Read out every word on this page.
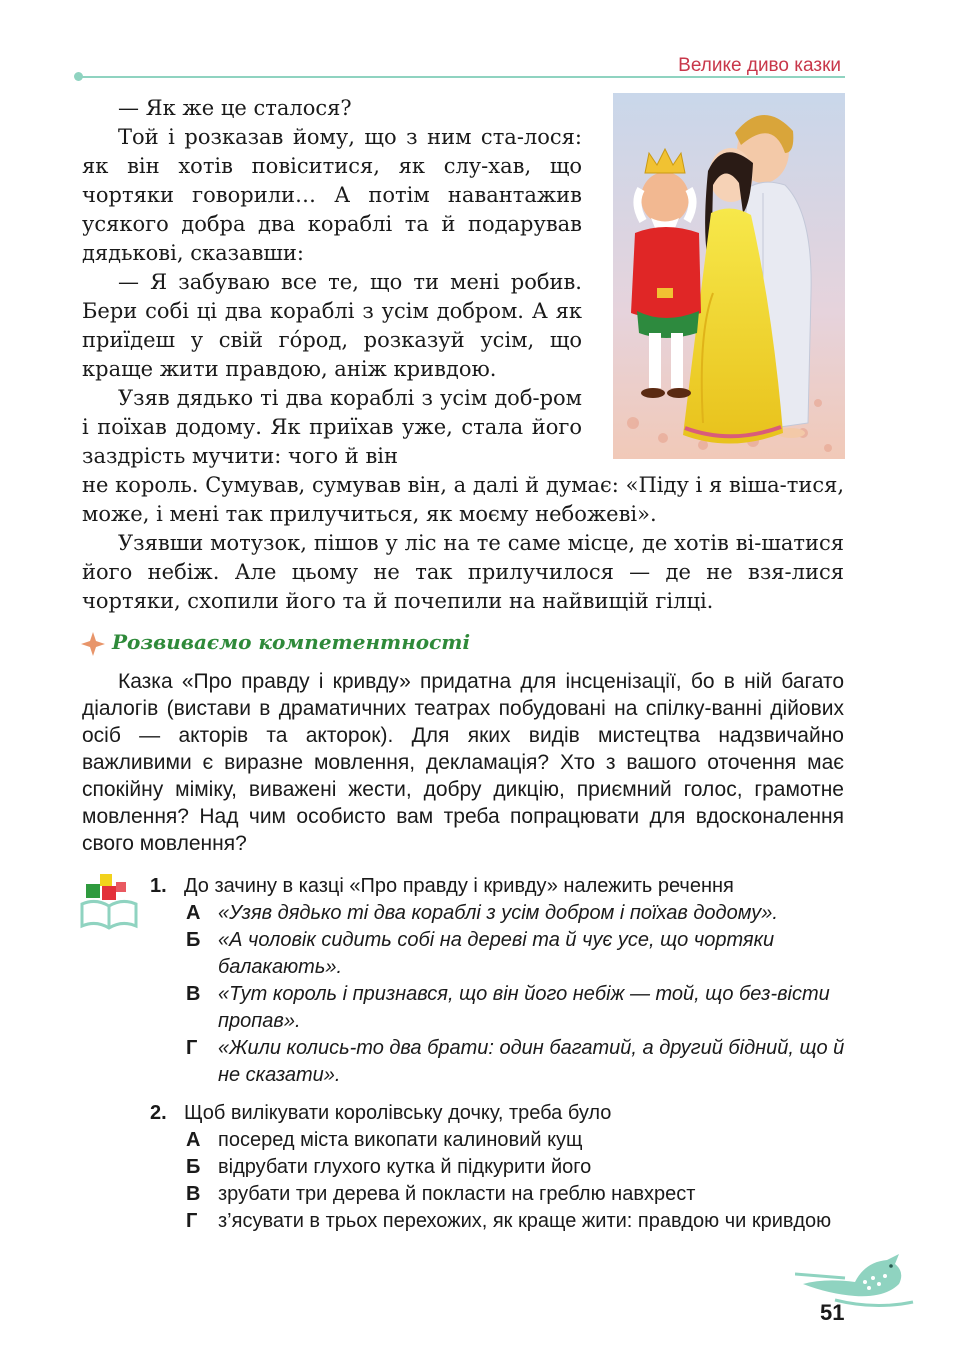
Велике диво казки

— Як же це сталося?

Той і розказав йому, що з ним ста-лося: як він хотів повіситися, як слу-хав, що чортяки говорили… А потім навантажив усякого добра два кораблі та й подарував дядькові, сказавши:

— Я забуваю все те, що ти мені робив. Бери собі ці два кораблі з усім добром. А як приїдеш у свій гóрод, розказуй усім, що краще жити правдою, аніж кривдою.

Узяв дядько ті два кораблі з усім доб-ром і поїхав додому. Як приїхав уже, стала його заздрість мучити: чого й він

не король. Сумував, сумував він, а далі й думає: «Піду і я віша-тися, може, і мені так прилучиться, як моєму небожеві».

Узявши мотузок, пішов у ліс на те саме місце, де хотів ві-шатися його небіж. Але цьому не так прилучилося — де не взя-лися чортяки, схопили його та й почепили на найвищій гілці.

Розвиваємо компетентності

Казка «Про правду і кривду» придатна для інсценізації, бо в ній багато діалогів (вистави в драматичних театрах побудовані на спілку-ванні дійових осіб — акторів та акторок). Для яких видів мистецтва надзвичайно важливими є виразне мовлення, декламація? Хто з вашого оточення має спокійну міміку, виважені жести, добру дикцію, приємний голос, грамотне мовлення? Над чим особисто вам треба попрацювати для вдосконалення свого мовлення?

1. До зачину в казці «Про правду і кривду» належить речення
А «Узяв дядько ті два кораблі з усім добром і поїхав додому».
Б «А чоловік сидить собі на дереві та й чує усе, що чортяки балакають».
В «Тут король і признався, що він його небіж — той, що без-вісти пропав».
Г «Жили колись-то два брати: один багатий, а другий бідний, що й не сказати».
2. Щоб вилікувати королівську дочку, треба було
А посеред міста викопати калиновий кущ
Б відрубати глухого кутка й підкурити його
В зрубати три дерева й покласти на греблю навхрест
Г з’ясувати в трьох перехожих, як краще жити: правдою чи кривдою
51
